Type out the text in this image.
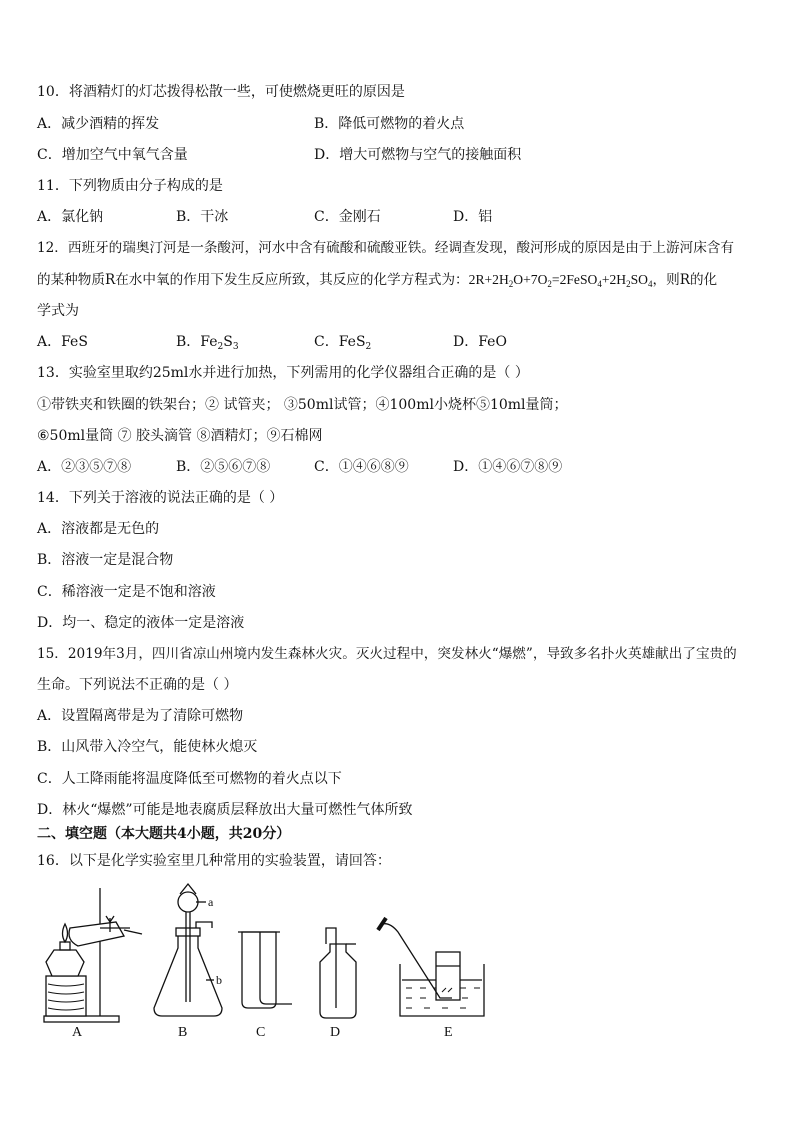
10．将酒精灯的灯芯拨得松散一些，可使燃烧更旺的原因是
A．减少酒精的挥发	B．降低可燃物的着火点
C．增加空气中氧气含量	D．增大可燃物与空气的接触面积
11．下列物质由分子构成的是
A．氯化钠	B．干冰	C．金刚石	D．铝
12．西班牙的瑞奥汀河是一条酸河，河水中含有硫酸和硫酸亚铁。经调查发现，酸河形成的原因是由于上游河床含有
的某种物质R在水中氧的作用下发生反应所致，其反应的化学方程式为：$2R+2H_2O+7O_2=2FeSO_4+2H_2SO_4$，则R的化
学式为
A．FeS	B．$Fe_2S_3$	C．FeS$_2$	D．FeO
13．实验室里取约25ml水并进行加热，下列需用的化学仪器组合正确的是（ ）
①带铁夹和铁圈的铁架台；② 试管夹； ③50ml试管；④100ml小烧杯⑤10ml量筒；
⑥50ml量筒 ⑦ 胶头滴管 ⑧酒精灯；⑨石棉网
A．②③⑤⑦⑧	B．②⑤⑥⑦⑧	C．①④⑥⑧⑨	D．①④⑥⑦⑧⑨
14．下列关于溶液的说法正确的是（ ）
A．溶液都是无色的
B．溶液一定是混合物
C．稀溶液一定是不饱和溶液
D．均一、稳定的液体一定是溶液
15．2019年3月，四川省凉山州境内发生森林火灾。灭火过程中，突发林火“爆燃”，导致多名扑火英雄献出了宝贵的
生命。下列说法不正确的是（ ）
A．设置隔离带是为了清除可燃物
B．山风带入冷空气，能使林火熄灭
C．人工降雨能将温度降低至可燃物的着火点以下
D．林火“爆燃”可能是地表腐质层释放出大量可燃性气体所致
二、填空题（本大题共4小题，共20分）
16．以下是化学实验室里几种常用的实验装置，请回答：
a
b
A	B	C	D	E
